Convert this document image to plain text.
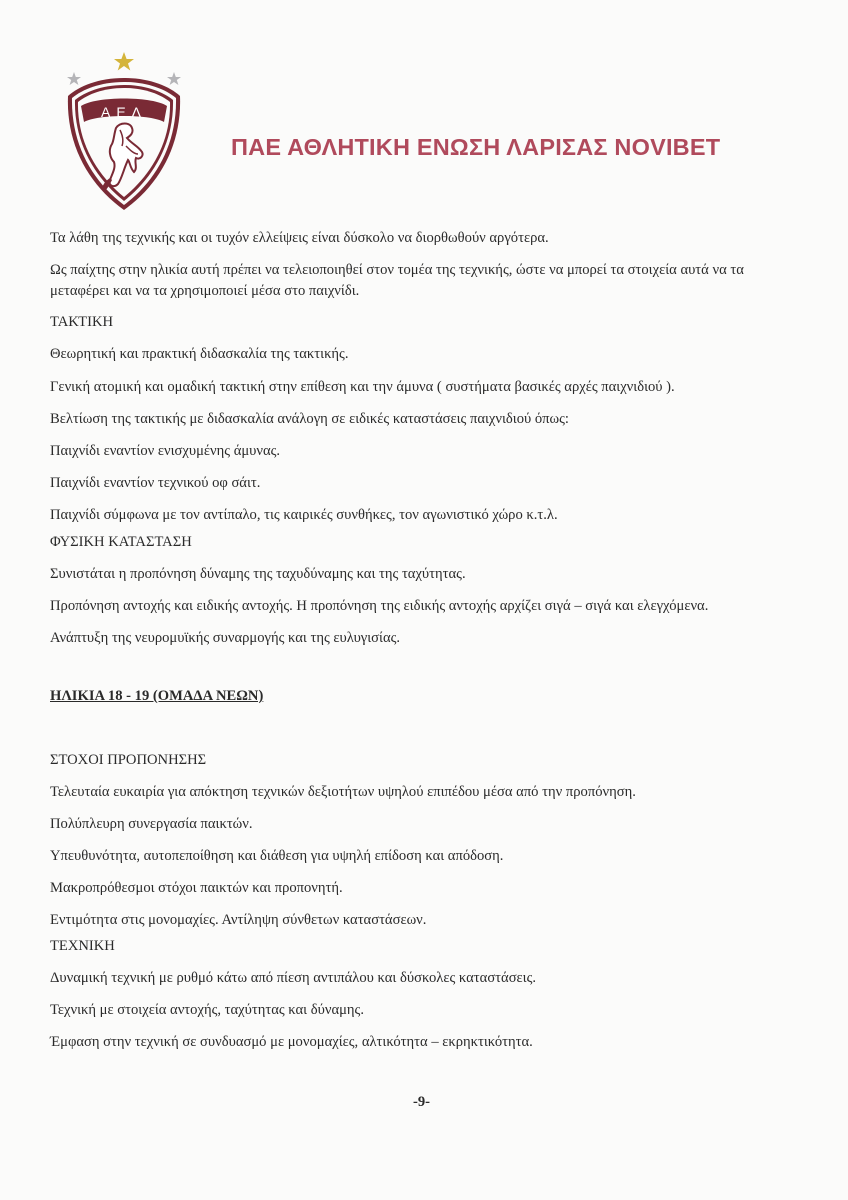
ΑΕΛ
ΠΑΕ ΑΘΛΗΤΙΚΗ ΕΝΩΣΗ ΛΑΡΙΣΑΣ NOVIBET
Τα λάθη της τεχνικής και οι τυχόν ελλείψεις είναι δύσκολο να διορθωθούν αργότερα.
Ως παίχτης στην ηλικία αυτή πρέπει να τελειοποιηθεί στον τομέα της τεχνικής, ώστε να μπορεί τα στοιχεία αυτά να τα
μεταφέρει και να τα χρησιμοποιεί μέσα στο παιχνίδι.
ΤΑΚΤΙΚΗ
Θεωρητική και πρακτική διδασκαλία της τακτικής.
Γενική ατομική και ομαδική τακτική στην επίθεση και την άμυνα ( συστήματα βασικές αρχές παιχνιδιού ).
Βελτίωση της τακτικής με διδασκαλία ανάλογη σε ειδικές καταστάσεις παιχνιδιού όπως:
Παιχνίδι εναντίον ενισχυμένης άμυνας.
Παιχνίδι εναντίον τεχνικού οφ σάιτ.
Παιχνίδι σύμφωνα με τον αντίπαλο, τις καιρικές συνθήκες, τον αγωνιστικό χώρο κ.τ.λ.
ΦΥΣΙΚΗ ΚΑΤΑΣΤΑΣΗ
Συνιστάται η προπόνηση δύναμης της ταχυδύναμης και της ταχύτητας.
Προπόνηση αντοχής και ειδικής αντοχής. Η προπόνηση της ειδικής αντοχής αρχίζει σιγά – σιγά και ελεγχόμενα.
Ανάπτυξη της νευρομυϊκής συναρμογής και της ευλυγισίας.
ΗΛΙΚΙΑ 18 - 19 (ΟΜΑΔΑ ΝΕΩΝ)
ΣΤΟΧΟΙ ΠΡΟΠΟΝΗΣΗΣ
Τελευταία ευκαιρία για απόκτηση τεχνικών δεξιοτήτων υψηλού επιπέδου μέσα από την προπόνηση.
Πολύπλευρη συνεργασία παικτών.
Υπευθυνότητα, αυτοπεποίθηση και διάθεση για υψηλή επίδοση και απόδοση.
Μακροπρόθεσμοι στόχοι παικτών και προπονητή.
Εντιμότητα στις μονομαχίες. Αντίληψη σύνθετων καταστάσεων.
ΤΕΧΝΙΚΗ
Δυναμική τεχνική με ρυθμό κάτω από πίεση αντιπάλου και δύσκολες καταστάσεις.
Τεχνική με στοιχεία αντοχής, ταχύτητας και δύναμης.
Έμφαση στην τεχνική σε συνδυασμό με μονομαχίες, αλτικότητα – εκρηκτικότητα.
-9-
